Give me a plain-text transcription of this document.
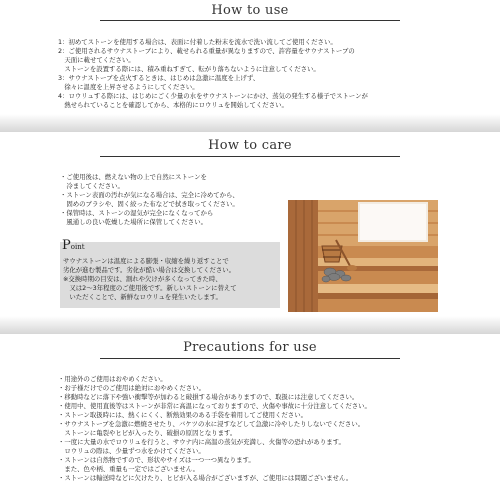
How to use
1：初めてストーンを使用する場合は、表面に付着した粉末を流水で洗い流してご使用ください。
2：ご使用されるサウナストーブにより、載せられる重量が異なりますので、許容量をサウナストーブの
　天面に載せてください。
　ストーンを設置する際には、積み重ねすぎて、転がり落ちないように注意してください。
3：サウナストーブを点火するときは、はじめは急激に温度を上げず、
　徐々に温度を上昇させるようにしてください。
4：ロウリュする際には、はじめにごく少量の水をサウナストーンにかけ、蒸気の発生する様子でストーンが
　熱せられていることを確認してから、本格的にロウリュを開始してください。
How to care
・ご使用後は、燃えない物の上で自然にストーンを
　冷ましてください。
・ストーン表面の汚れが気になる場合は、完全に冷めてから、
　固めのブラシや、固く絞った布などで拭き取ってください。
・保管時は、ストーンの湿気が完全になくなってから
　風通しの良い乾燥した場所に保管してください。
Point
サウナストーンは温度による膨張・収縮を繰り返すことで
劣化が進む製品です。劣化が酷い場合は交換してください。
※交換時期の目安は、割れや欠けが多くなってきた時、
　又は2〜3年程度のご使用後です。新しいストーンに替えて
　いただくことで、新鮮なロウリュを発生いたします。
Precautions for use
・用途外のご使用はおやめください。
・お子様だけでのご使用は絶対におやめください。
・移動時などに落下や強い衝撃等が加わると破損する場合がありますので、取扱には注意してください。
・使用中、使用直後等はストーンが非常に高温になっておりますので、火傷や事故に十分注意してください。
・ストーン取扱時には、熱くにくく、断熱効果のある手袋を着用してご使用ください。
・サウナストーブを急激に燃焼させたり、バケツの水に浸すなどして急激に冷やしたりしないでください。
　ストーンに亀裂やヒビが入ったり、破損の原因となります。
・一度に大量の水でロウリュを行うと、サウナ内に高温の蒸気が充満し、火傷等の恐れがあります。
　ロウリュの際は、少量ずつ水をかけてください。
・ストーンは自然物ですので、形状やサイズは一つ一つ異なります。
　また、色や柄、重量も一定ではございません。
・ストーンは輸送時などに欠けたり、ヒビが入る場合がございますが、ご使用には問題ございません。
